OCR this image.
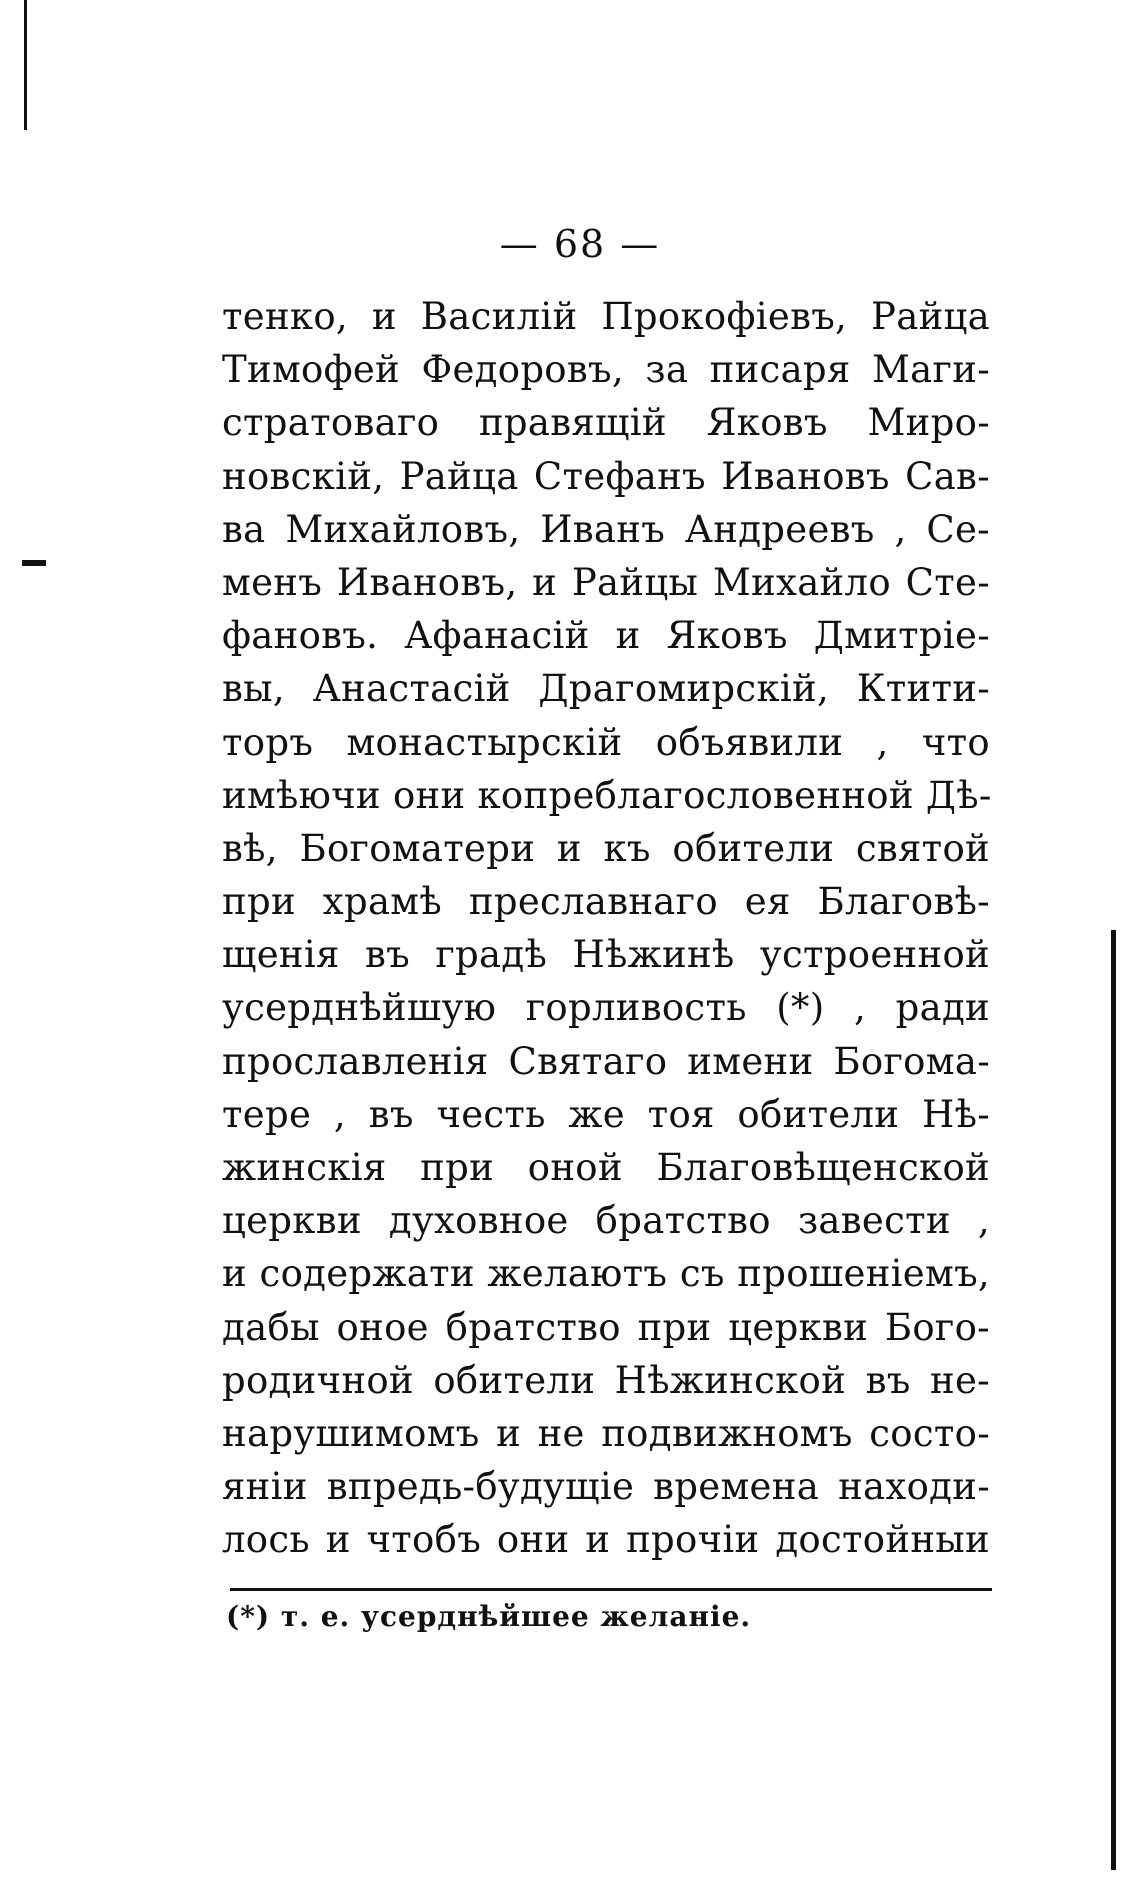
— 68 —
тенко, и Василій Прокофіевъ, Райца
Тимофей Федоровъ, за писаря Маги-
стратоваго правящій Яковъ Миро-
новскій, Райца Стефанъ Ивановъ Сав-
ва Михайловъ, Иванъ Андреевъ , Се-
менъ Ивановъ, и Райцы Михайло Сте-
фановъ. Афанасій и Яковъ Дмитріе-
вы, Анастасій Драгомирскій, Ктити-
торъ монастырскій объявили , что
имѣючи они копреблагословенной Дѣ-
вѣ, Богоматери и къ обители святой
при храмѣ преславнаго ея Благовѣ-
щенія въ градѣ Нѣжинѣ устроенной
усерднѣйшую горливость (*) , ради
прославленія Святаго имени Богома-
тере , въ честь же тоя обители Нѣ-
жинскія при оной Благовѣщенской
церкви духовное братство завести ,
и содержати желаютъ съ прошеніемъ,
дабы оное братство при церкви Бого-
родичной обители Нѣжинской въ не-
нарушимомъ и не подвижномъ состо-
яніи впредь-будущіе времена находи-
лось и чтобъ они и прочіи достойныи
(*) т. е. усерднѣйшее желаніе.
